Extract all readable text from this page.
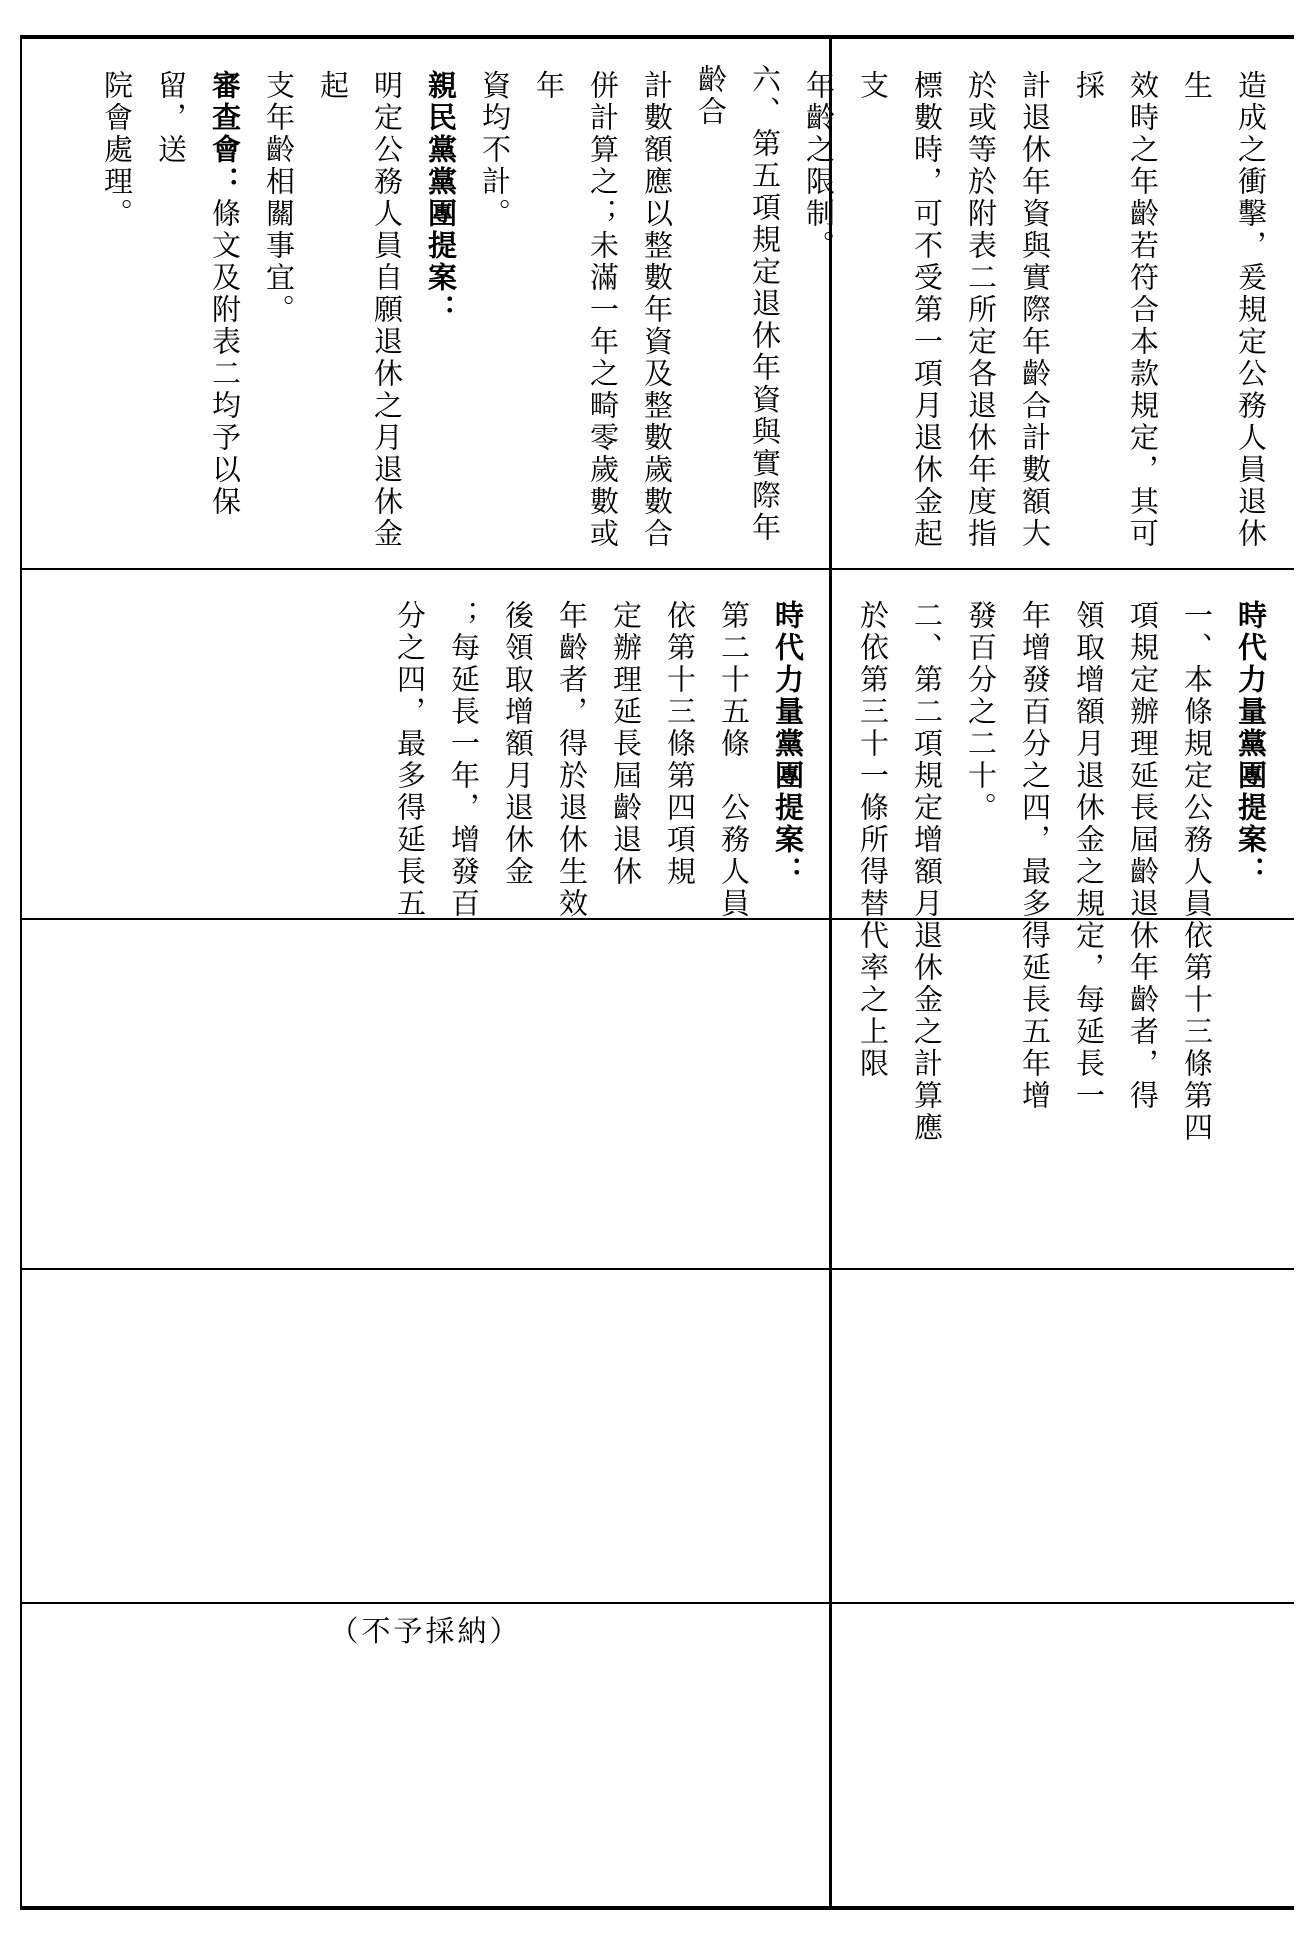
造成之衝擊，爰規定公務人員退休生

效時之年齡若符合本款規定，其可採

計退休年資與實際年齡合計數額大

於或等於附表二所定各退休年度指

標數時，可不受第一項月退休金起支

年齡之限制。

六、第五項規定退休年資與實際年齡合

計數額應以整數年資及整數歲數合

併計算之；未滿一年之畸零歲數或年

資均不計。

親民黨黨團提案：

明定公務人員自願退休之月退休金起

支年齡相關事宜。

審查會：條文及附表二均予以保留，送

院會處理。

時代力量黨團提案：

一、本條規定公務人員依第十三條第四

項規定辦理延長屆齡退休年齡者，得

領取增額月退休金之規定，每延長一

年增發百分之四，最多得延長五年增

發百分之二十。

二、第二項規定增額月退休金之計算應

於依第三十一條所得替代率之上限

時代力量黨團提案：

第二十五條　公務人員

依第十三條第四項規

定辦理延長屆齡退休

年齡者，得於退休生效

後領取增額月退休金

；每延長一年，增發百

分之四，最多得延長五

（不予採納）
